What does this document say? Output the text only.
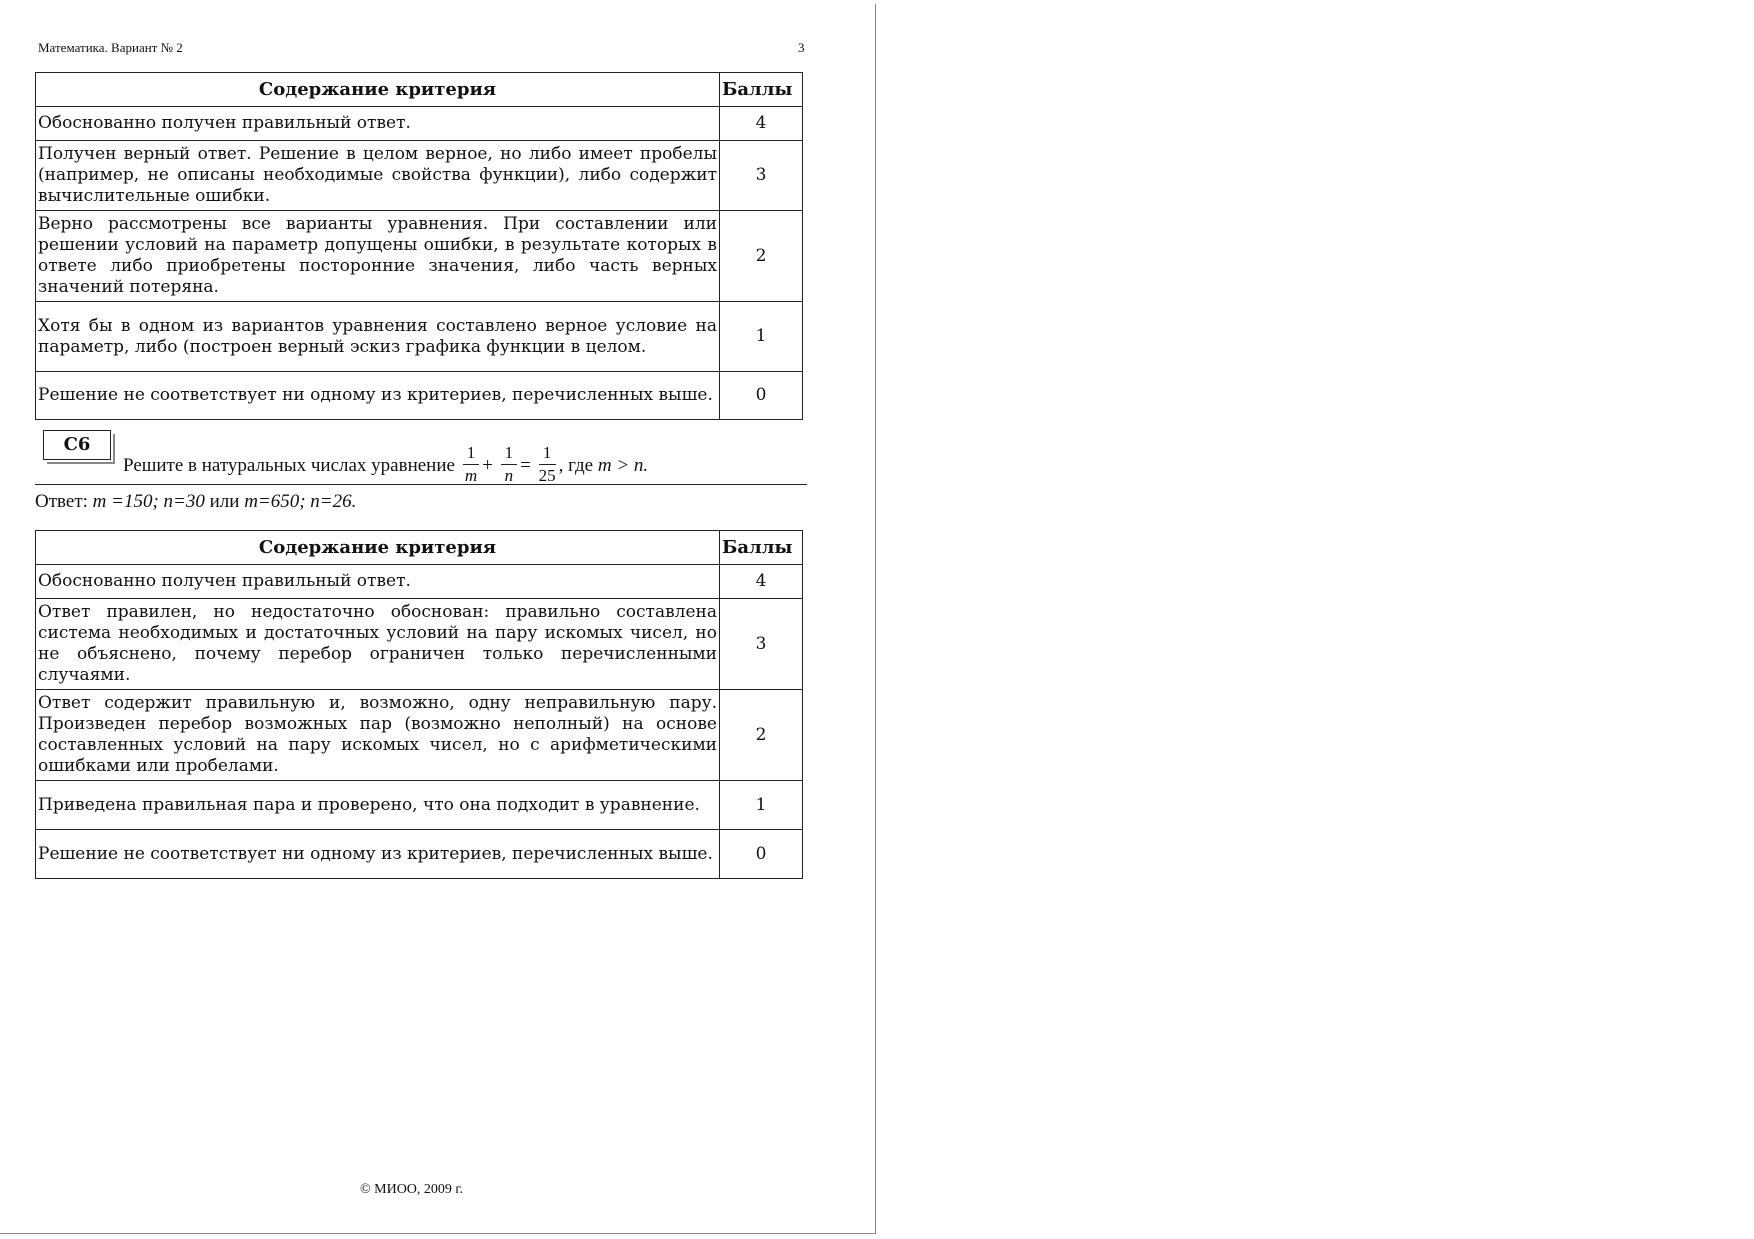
Математика. Вариант № 2	3
Содержание критерия	Баллы
Обоснованно получен правильный ответ.	4
Получен верный ответ. Решение в целом верное, но либо имеет пробелы (например, не описаны необходимые свойства функции), либо содержит вычислительные ошибки.	3
Верно рассмотрены все варианты уравнения. При составлении или решении условий на параметр допущены ошибки, в результате которых в ответе либо приобретены посторонние значения, либо часть верных значений потеряна.	2
Хотя бы в одном из вариантов уравнения составлено верное условие на параметр, либо (построен верный эскиз графика функции в целом.	1
Решение не соответствует ни одному из критериев, перечисленных выше.	0
C6
Решите в натуральных числах уравнение $\frac{1}{m} + \frac{1}{n} = \frac{1}{25}$ , где m > n.
Ответ: m =150; n=30 или m=650; n=26.
Содержание критерия	Баллы
Обоснованно получен правильный ответ.	4
Ответ правилен, но недостаточно обоснован: правильно составлена система необходимых и достаточных условий на пару искомых чисел, но не объяснено, почему перебор ограничен только перечисленными случаями.	3
Ответ содержит правильную и, возможно, одну неправильную пару. Произведен перебор возможных пар (возможно неполный) на основе составленных условий на пару искомых чисел, но с арифметическими ошибками или пробелами.	2
Приведена правильная пара и проверено, что она подходит в уравнение.	1
Решение не соответствует ни одному из критериев, перечисленных выше.	0
© МИОО, 2009 г.
